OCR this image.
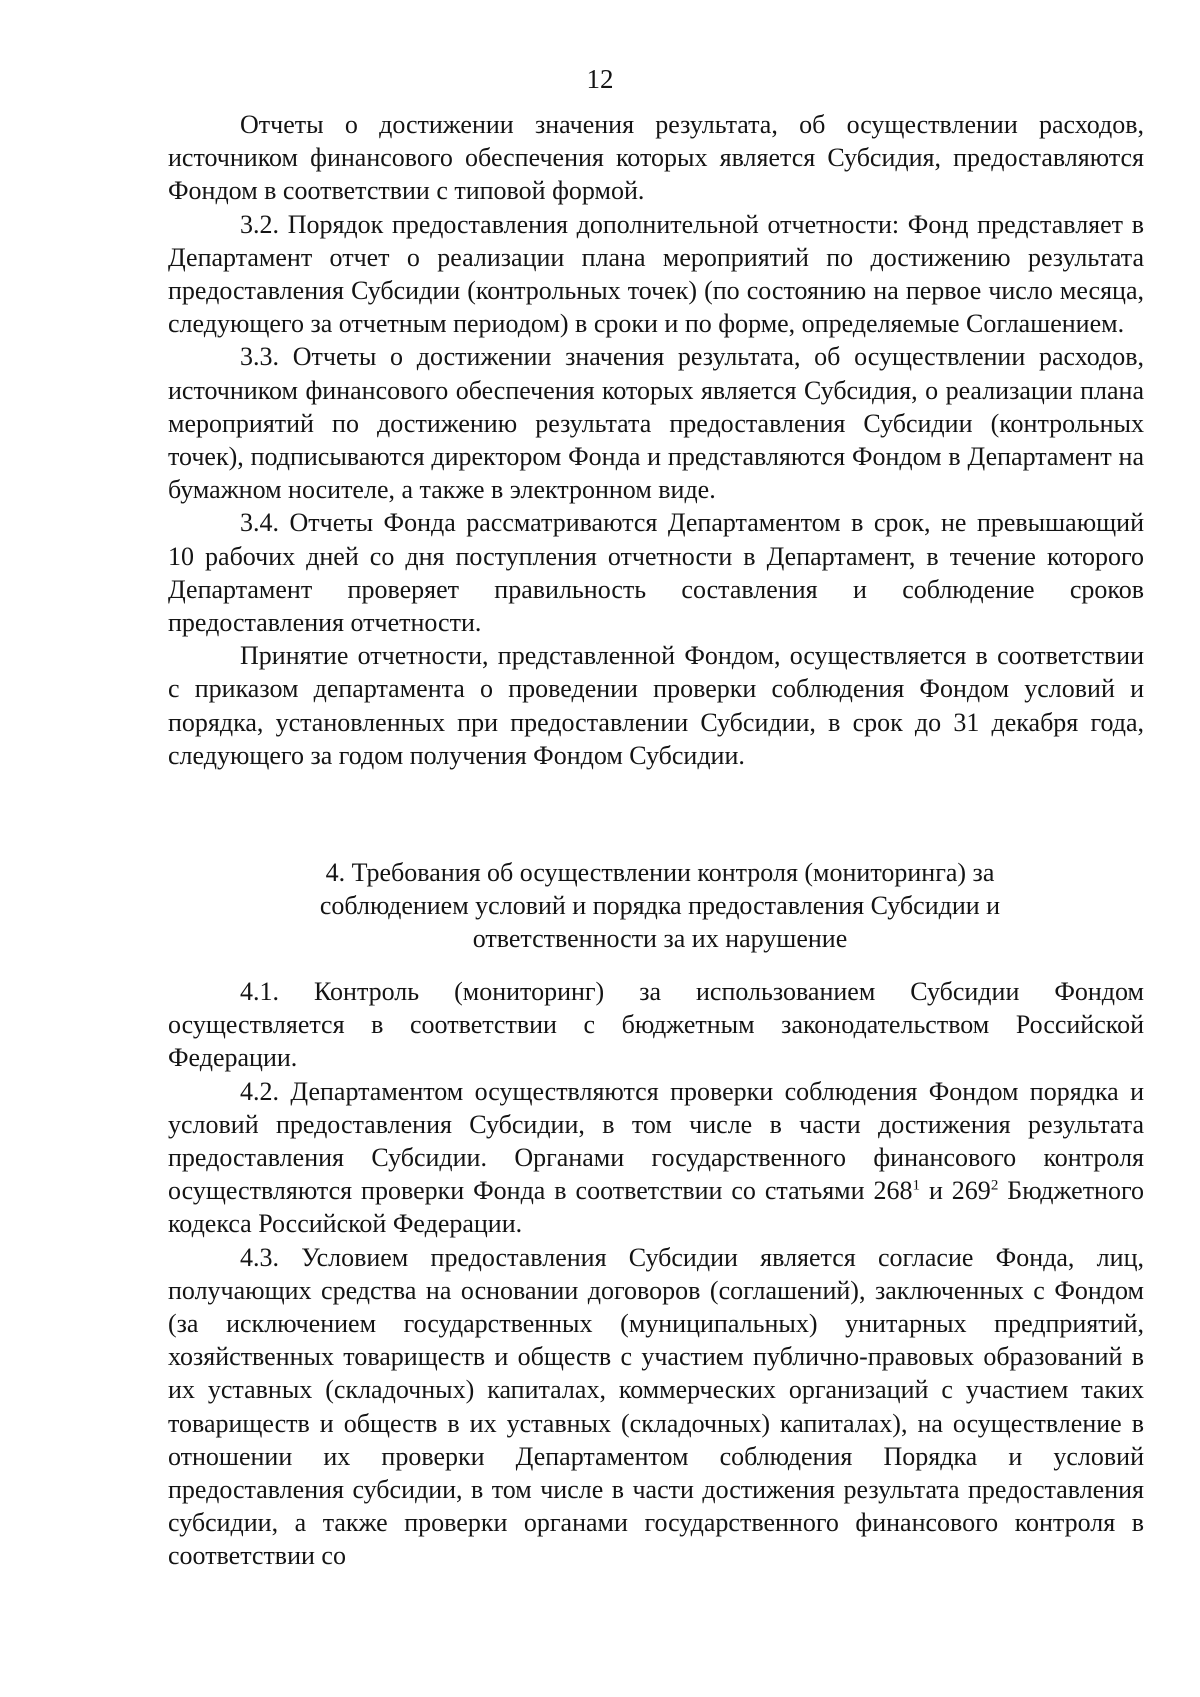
12

Отчеты о достижении значения результата, об осуществлении расходов, источником финансового обеспечения которых является Субсидия, предоставляются Фондом в соответствии с типовой формой.

3.2. Порядок предоставления дополнительной отчетности: Фонд представляет в Департамент отчет о реализации плана мероприятий по достижению результата предоставления Субсидии (контрольных точек) (по состоянию на первое число месяца, следующего за отчетным периодом) в сроки и по форме, определяемые Соглашением.

3.3. Отчеты о достижении значения результата, об осуществлении расходов, источником финансового обеспечения которых является Субсидия, о реализации плана мероприятий по достижению результата предоставления Субсидии (контрольных точек), подписываются директором Фонда и представляются Фондом в Департамент на бумажном носителе, а также в электронном виде.

3.4. Отчеты Фонда рассматриваются Департаментом в срок, не превышающий 10 рабочих дней со дня поступления отчетности в Департамент, в течение которого Департамент проверяет правильность составления и соблюдение сроков предоставления отчетности.

Принятие отчетности, представленной Фондом, осуществляется в соответствии с приказом департамента о проведении проверки соблюдения Фондом условий и порядка, установленных при предоставлении Субсидии, в срок до 31 декабря года, следующего за годом получения Фондом Субсидии.

4. Требования об осуществлении контроля (мониторинга) за
соблюдением условий и порядка предоставления Субсидии и
ответственности за их нарушение

4.1. Контроль (мониторинг) за использованием Субсидии Фондом осуществляется в соответствии с бюджетным законодательством Российской Федерации.

4.2. Департаментом осуществляются проверки соблюдения Фондом порядка и условий предоставления Субсидии, в том числе в части достижения результата предоставления Субсидии. Органами государственного финансового контроля осуществляются проверки Фонда в соответствии со статьями $268^1$ и $269^2$ Бюджетного кодекса Российской Федерации.

4.3. Условием предоставления Субсидии является согласие Фонда, лиц, получающих средства на основании договоров (соглашений), заключенных с Фондом (за исключением государственных (муниципальных) унитарных предприятий, хозяйственных товариществ и обществ с участием публично-правовых образований в их уставных (складочных) капиталах, коммерческих организаций с участием таких товариществ и обществ в их уставных (складочных) капиталах), на осуществление в отношении их проверки Департаментом соблюдения Порядка и условий предоставления субсидии, в том числе в части достижения результата предоставления субсидии, а также проверки органами государственного финансового контроля в соответствии со
